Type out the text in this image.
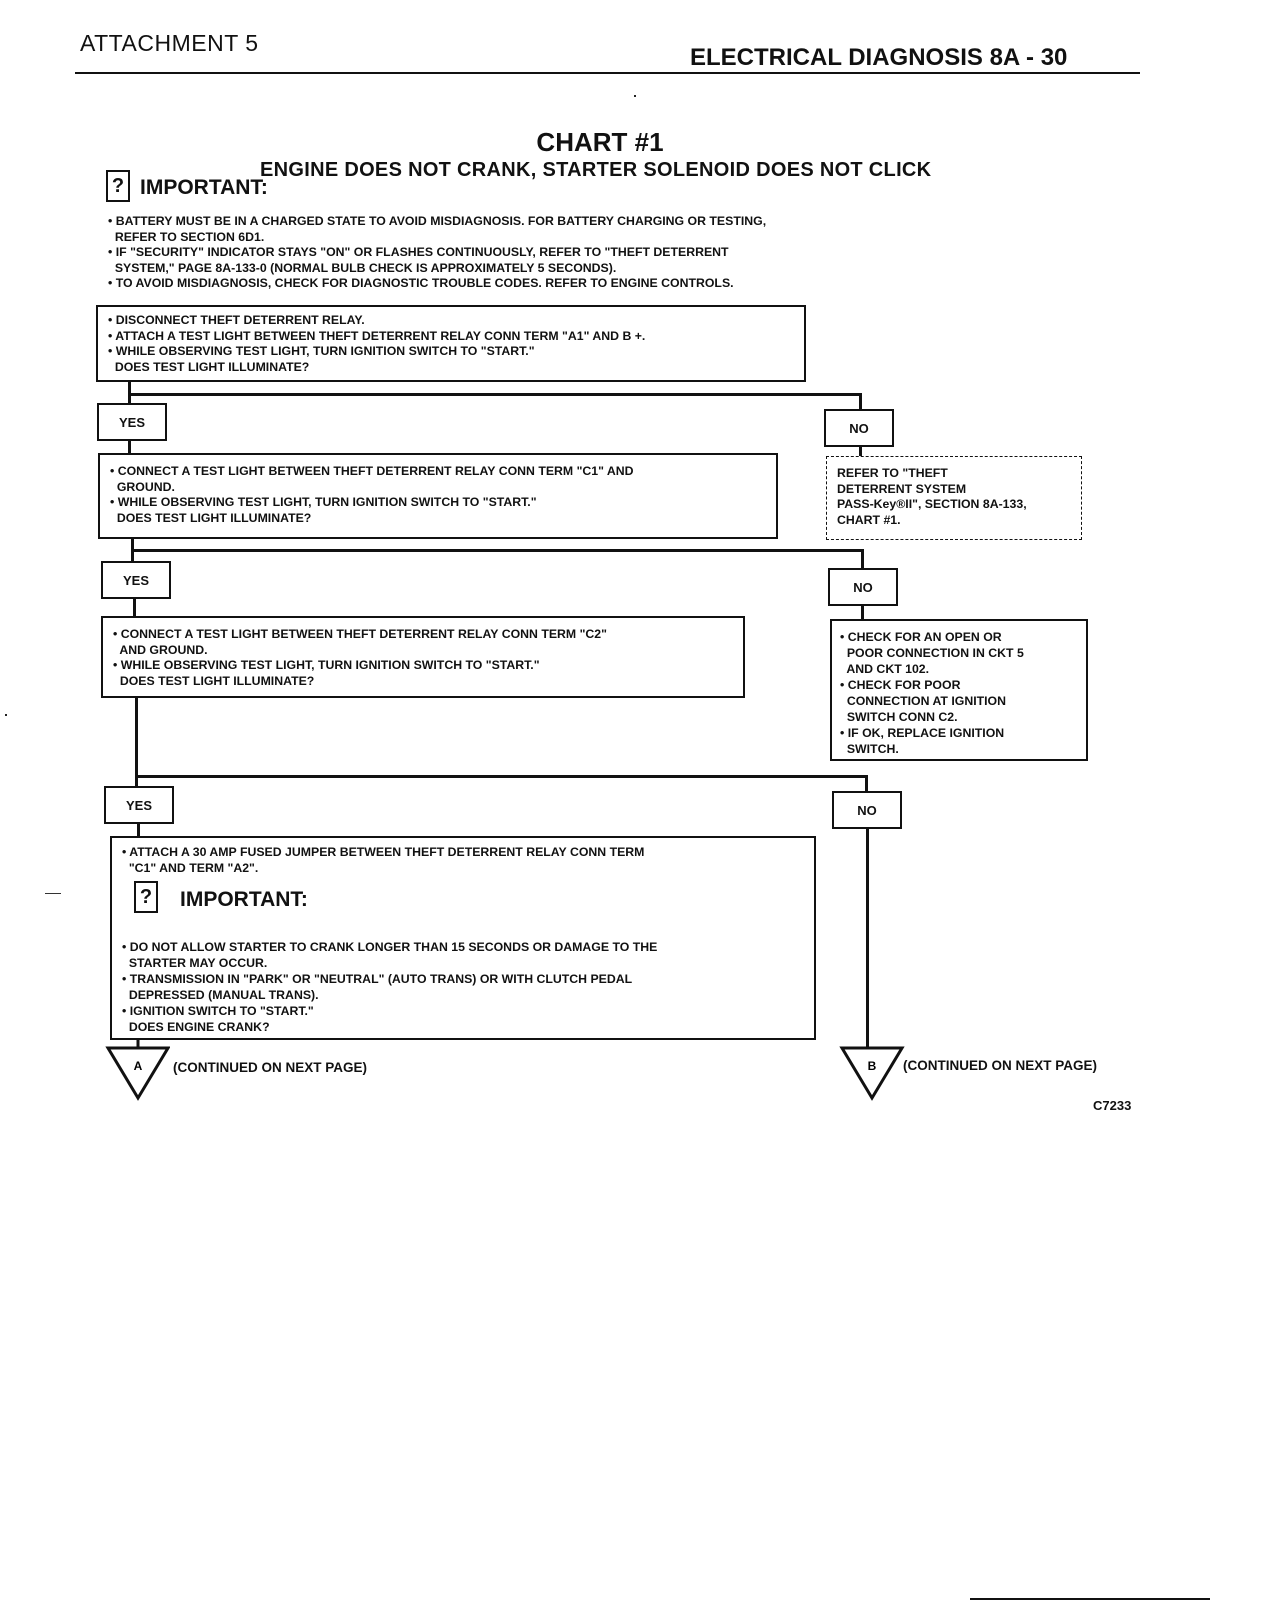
ATTACHMENT 5
ELECTRICAL DIAGNOSIS 8A - 30
CHART #1
ENGINE DOES NOT CRANK, STARTER SOLENOID DOES NOT CLICK
? IMPORTANT:
• BATTERY MUST BE IN A CHARGED STATE TO AVOID MISDIAGNOSIS. FOR BATTERY CHARGING OR TESTING,
REFER TO SECTION 6D1.
• IF "SECURITY" INDICATOR STAYS "ON" OR FLASHES CONTINUOUSLY, REFER TO "THEFT DETERRENT
SYSTEM," PAGE 8A-133-0 (NORMAL BULB CHECK IS APPROXIMATELY 5 SECONDS).
• TO AVOID MISDIAGNOSIS, CHECK FOR DIAGNOSTIC TROUBLE CODES. REFER TO ENGINE CONTROLS.
• DISCONNECT THEFT DETERRENT RELAY.
• ATTACH A TEST LIGHT BETWEEN THEFT DETERRENT RELAY CONN TERM "A1" AND B +.
• WHILE OBSERVING TEST LIGHT, TURN IGNITION SWITCH TO "START."
DOES TEST LIGHT ILLUMINATE?
YES	NO
• CONNECT A TEST LIGHT BETWEEN THEFT DETERRENT RELAY CONN TERM "C1" AND
GROUND.
• WHILE OBSERVING TEST LIGHT, TURN IGNITION SWITCH TO "START."
DOES TEST LIGHT ILLUMINATE?
REFER TO "THEFT
DETERRENT SYSTEM
PASS-Key®II", SECTION 8A-133,
CHART #1.
YES	NO
• CONNECT A TEST LIGHT BETWEEN THEFT DETERRENT RELAY CONN TERM "C2"
AND GROUND.
• WHILE OBSERVING TEST LIGHT, TURN IGNITION SWITCH TO "START."
DOES TEST LIGHT ILLUMINATE?
• CHECK FOR AN OPEN OR
POOR CONNECTION IN CKT 5
AND CKT 102.
• CHECK FOR POOR
CONNECTION AT IGNITION
SWITCH CONN C2.
• IF OK, REPLACE IGNITION
SWITCH.
YES	NO
• ATTACH A 30 AMP FUSED JUMPER BETWEEN THEFT DETERRENT RELAY CONN TERM
"C1" AND TERM "A2".
? IMPORTANT:
• DO NOT ALLOW STARTER TO CRANK LONGER THAN 15 SECONDS OR DAMAGE TO THE
STARTER MAY OCCUR.
• TRANSMISSION IN "PARK" OR "NEUTRAL" (AUTO TRANS) OR WITH CLUTCH PEDAL
DEPRESSED (MANUAL TRANS).
• IGNITION SWITCH TO "START."
DOES ENGINE CRANK?
A (CONTINUED ON NEXT PAGE)	B (CONTINUED ON NEXT PAGE)
C7233
